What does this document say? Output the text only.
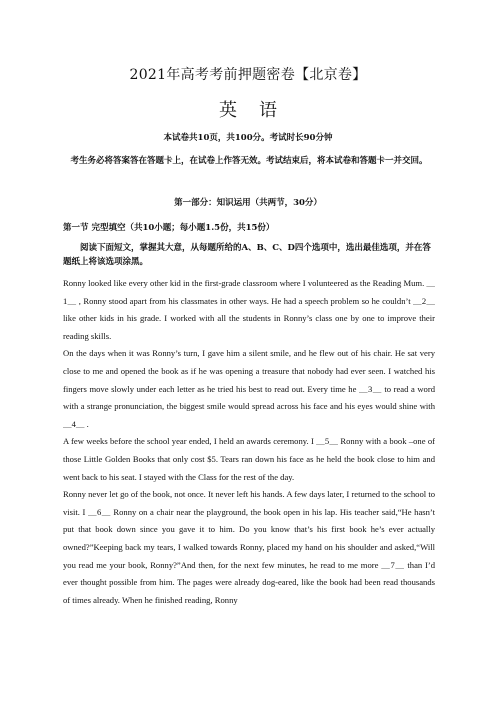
2021年高考考前押题密卷【北京卷】
英语
本试卷共10页，共100分。考试时长90分钟
考生务必将答案答在答题卡上，在试卷上作答无效。考试结束后，将本试卷和答题卡一并交回。
第一部分：知识运用（共两节，30分）
第一节 完型填空（共10小题；每小题1.5份，共15份）
阅读下面短文，掌握其大意，从每题所给的A、B、C、D四个选项中，选出最佳选项，并在答题纸上将该选项涂黑。

Ronny looked like every other kid in the first-grade classroom where I volunteered as the Reading Mum. ＿1＿ , Ronny stood apart from his classmates in other ways. He had a speech problem so he couldn’t ＿2＿ like other kids in his grade. I worked with all the students in Ronny’s class one by one to improve their reading skills.

On the days when it was Ronny’s turn, I gave him a silent smile, and he flew out of his chair. He sat very close to me and opened the book as if he was opening a treasure that nobody had ever seen. I watched his fingers move slowly under each letter as he tried his best to read out. Every time he ＿3＿ to read a word with a strange pronunciation, the biggest smile would spread across his face and his eyes would shine with ＿4＿ .

A few weeks before the school year ended, I held an awards ceremony. I ＿5＿ Ronny with a book –one of those Little Golden Books that only cost $5. Tears ran down his face as he held the book close to him and went back to his seat. I stayed with the Class for the rest of the day.

Ronny never let go of the book, not once. It never left his hands. A few days later, I returned to the school to visit. I ＿6＿ Ronny on a chair near the playground, the book open in his lap. His teacher said,“He hasn’t put that book down since you gave it to him. Do you know that’s his first book he’s ever actually owned?”Keeping back my tears, I walked towards Ronny, placed my hand on his shoulder and asked,“Will you read me your book, Ronny?”And then, for the next few minutes, he read to me more ＿7＿ than I’d ever thought possible from him. The pages were already dog-eared, like the book had been read thousands of times already. When he finished reading, Ronny
